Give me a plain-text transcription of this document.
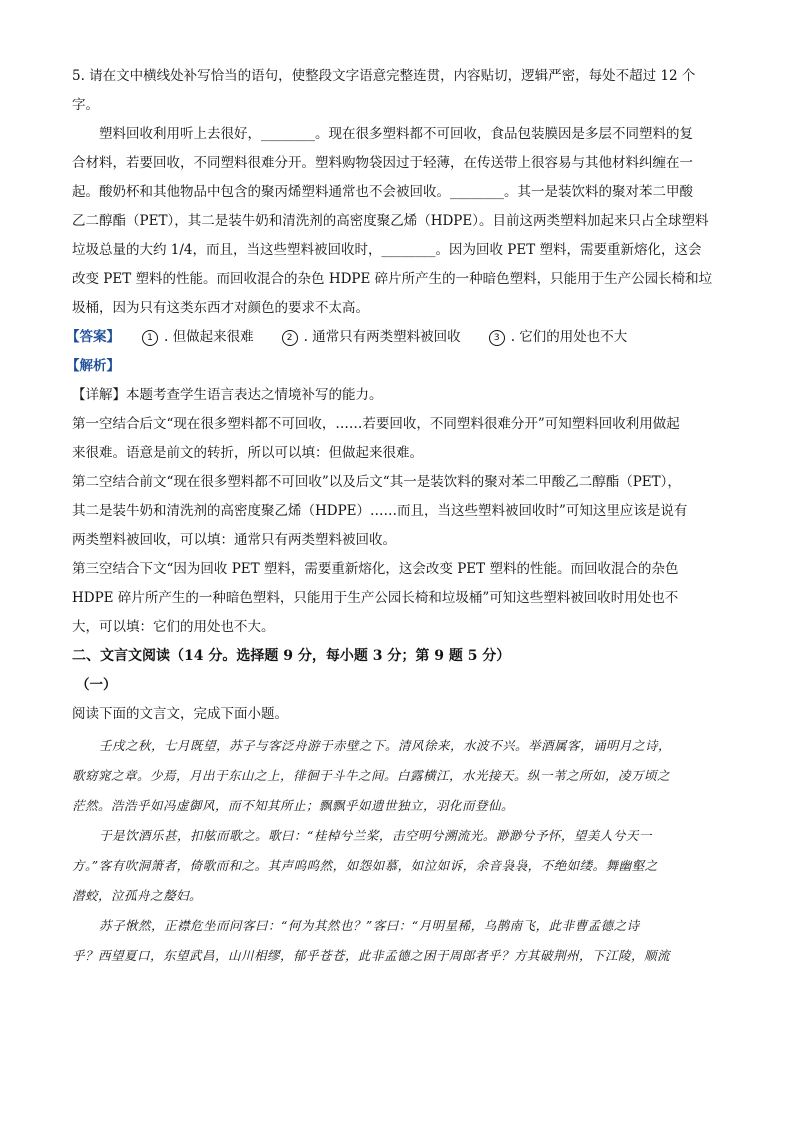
5. 请在文中横线处补写恰当的语句，使整段文字语意完整连贯，内容贴切，逻辑严密，每处不超过 12 个

字。

塑料回收利用听上去很好，________。现在很多塑料都不可回收，食品包装膜因是多层不同塑料的复

合材料，若要回收，不同塑料很难分开。塑料购物袋因过于轻薄，在传送带上很容易与其他材料纠缠在一

起。酸奶杯和其他物品中包含的聚丙烯塑料通常也不会被回收。________。其一是装饮料的聚对苯二甲酸

乙二醇酯（PET），其二是装牛奶和清洗剂的高密度聚乙烯（HDPE）。目前这两类塑料加起来只占全球塑料

垃圾总量的大约 1/4，而且，当这些塑料被回收时，________。因为回收 PET 塑料，需要重新熔化，这会

改变 PET 塑料的性能。而回收混合的杂色 HDPE 碎片所产生的一种暗色塑料，只能用于生产公园长椅和垃

圾桶，因为只有这类东西才对颜色的要求不太高。

【答案】	1 . 但做起来很难	2 . 通常只有两类塑料被回收	3 . 它们的用处也不大
【解析】

【详解】本题考查学生语言表达之情境补写的能力。

第一空结合后文“现在很多塑料都不可回收，……若要回收，不同塑料很难分开”可知塑料回收利用做起

来很难。语意是前文的转折，所以可以填：但做起来很难。

第二空结合前文“现在很多塑料都不可回收”以及后文“其一是装饮料的聚对苯二甲酸乙二醇酯（PET），

其二是装牛奶和清洗剂的高密度聚乙烯（HDPE）……而且，当这些塑料被回收时”可知这里应该是说有

两类塑料被回收，可以填：通常只有两类塑料被回收。

第三空结合下文“因为回收 PET 塑料，需要重新熔化，这会改变 PET 塑料的性能。而回收混合的杂色

HDPE 碎片所产生的一种暗色塑料，只能用于生产公园长椅和垃圾桶”可知这些塑料被回收时用处也不

大，可以填：它们的用处也不大。

二、文言文阅读（14 分。选择题 9 分，每小题 3 分；第 9 题 5 分）

（一）

阅读下面的文言文，完成下面小题。

壬戌之秋，七月既望，苏子与客泛舟游于赤壁之下。清风徐来，水波不兴。举酒属客，诵明月之诗，

歌窈窕之章。少焉，月出于东山之上，徘徊于斗牛之间。白露横江，水光接天。纵一苇之所如，凌万顷之

茫然。浩浩乎如冯虚御风，而不知其所止；飘飘乎如遗世独立，羽化而登仙。

于是饮酒乐甚，扣舷而歌之。歌曰：“桂棹兮兰桨，击空明兮溯流光。渺渺兮予怀，望美人兮天一

方。”客有吹洞箫者，倚歌而和之。其声呜呜然，如怨如慕，如泣如诉，余音袅袅，不绝如缕。舞幽壑之

潜蛟，泣孤舟之嫠妇。

苏子愀然，正襟危坐而问客曰：“何为其然也？”客曰：“月明星稀，乌鹊南飞，此非曹孟德之诗

乎？西望夏口，东望武昌，山川相缪，郁乎苍苍，此非孟德之困于周郎者乎？方其破荆州，下江陵，顺流
